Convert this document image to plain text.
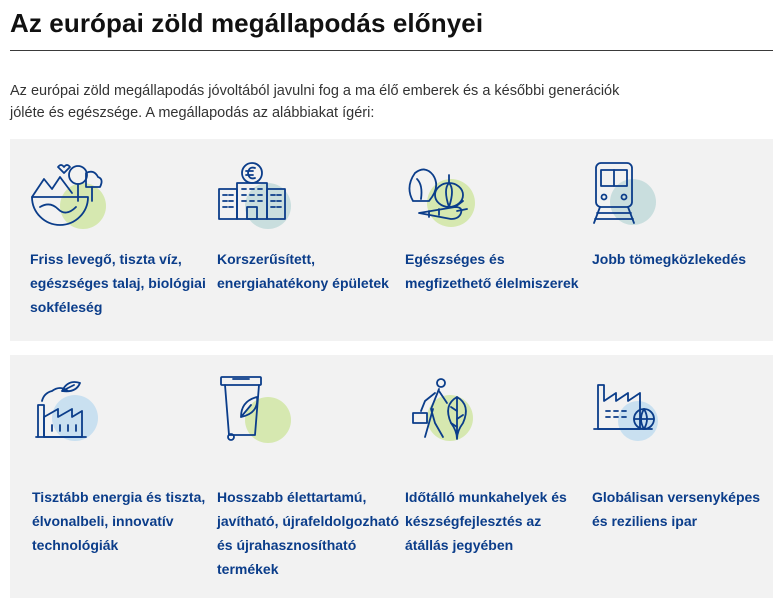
Az európai zöld megállapodás előnyei

Az európai zöld megállapodás jóvoltából javulni fog a ma élő emberek és a későbbi generációk jóléte és egészsége. A megállapodás az alábbiakat ígéri:

Friss levegő, tiszta víz, egészséges talaj, biológiai sokféleség

Korszerűsített, energiahatékony épületek

Egészséges és megfizethető élelmiszerek

Jobb tömegközlekedés

Tisztább energia és tiszta, élvonalbeli, innovatív technológiák

Hosszabb élettartamú, javítható, újrafeldolgozható és újrahasznosítható termékek

Időtálló munkahelyek és készségfejlesztés az átállás jegyében

Globálisan versenyképes és reziliens ipar
